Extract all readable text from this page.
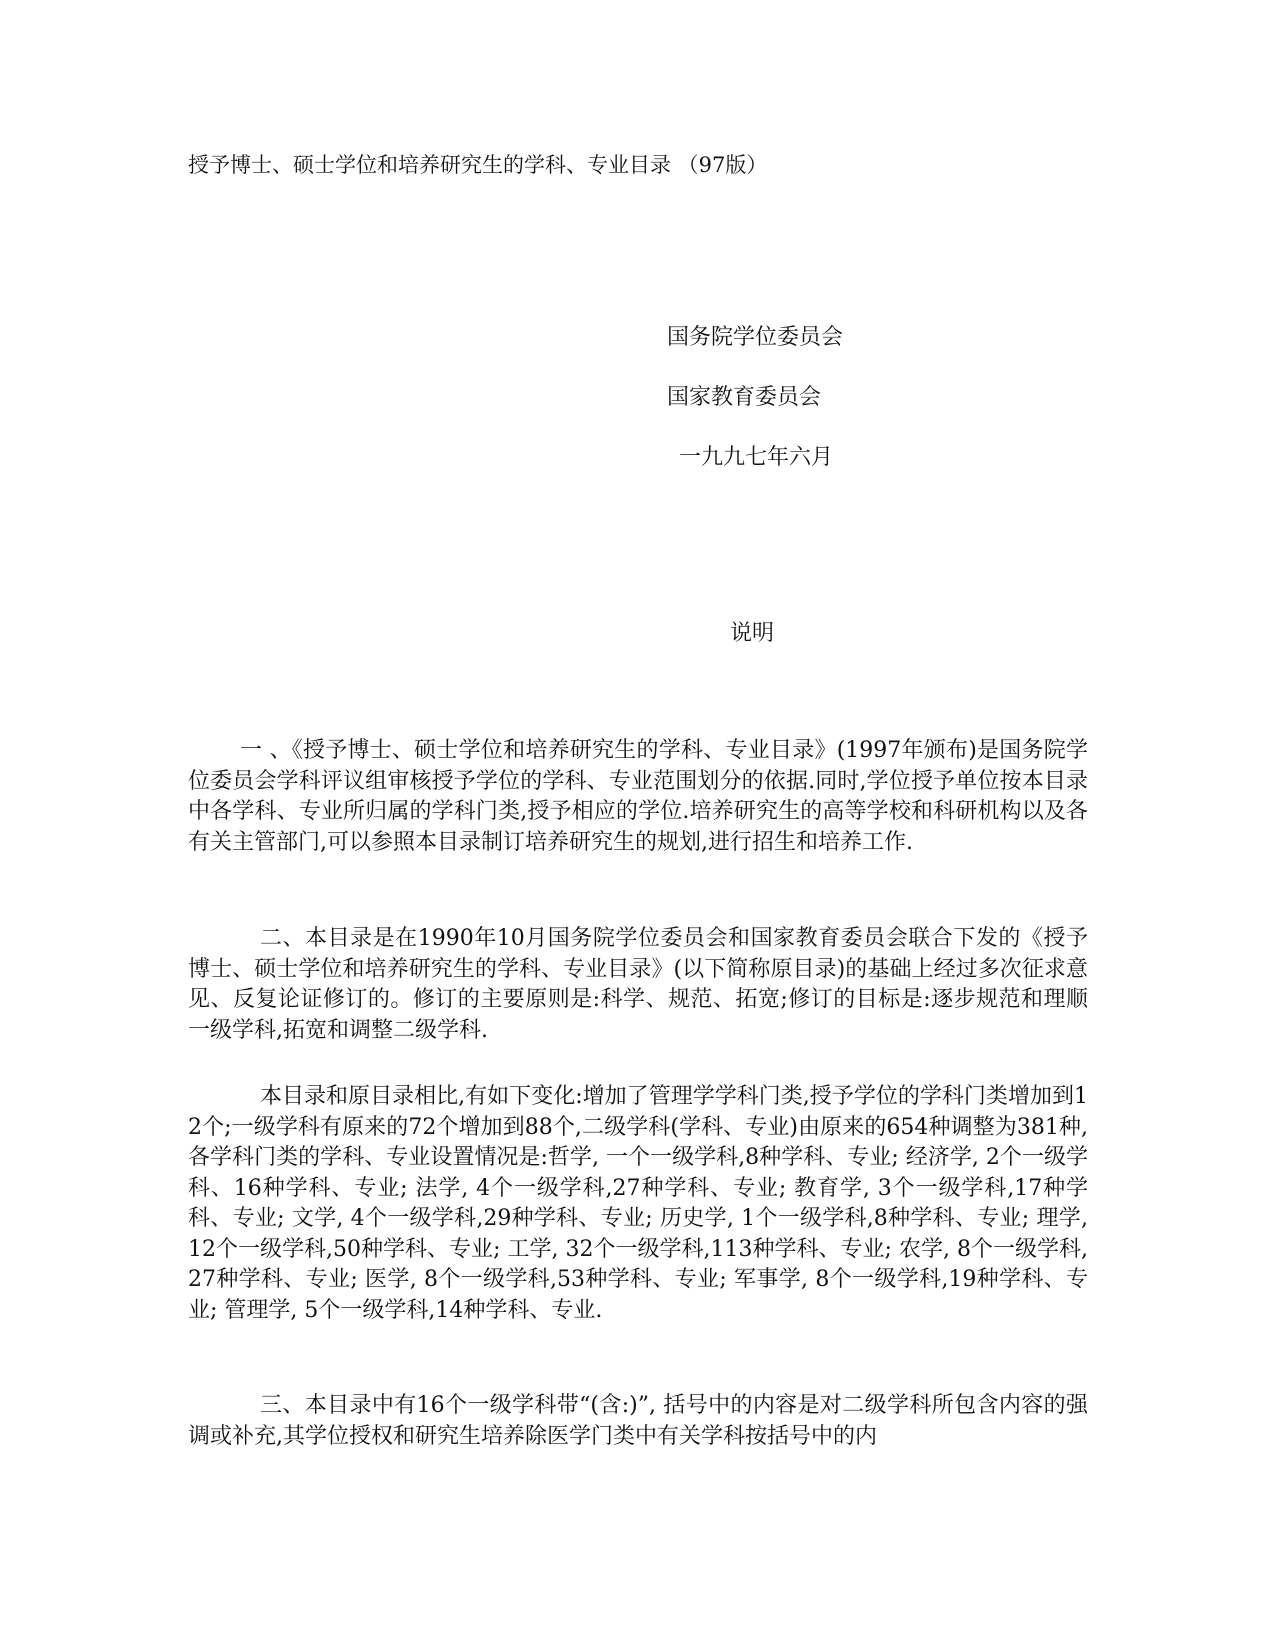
授予博士、硕士学位和培养研究生的学科、专业目录 （97版）
国务院学位委员会
国家教育委员会
一九九七年六月
说明

一 、《授予博士、硕士学位和培养研究生的学科、专业目录》(1997年颁布)是国务院学位委员会学科评议组审核授予学位的学科、专业范围划分的依据.同时,学位授予单位按本目录中各学科、专业所归属的学科门类,授予相应的学位.培养研究生的高等学校和科研机构以及各有关主管部门,可以参照本目录制订培养研究生的规划,进行招生和培养工作.

二、本目录是在1990年10月国务院学位委员会和国家教育委员会联合下发的《授予博士、硕士学位和培养研究生的学科、专业目录》(以下简称原目录)的基础上经过多次征求意见、反复论证修订的。修订的主要原则是:科学、规范、拓宽;修订的目标是:逐步规范和理顺一级学科,拓宽和调整二级学科.

本目录和原目录相比,有如下变化:增加了管理学学科门类,授予学位的学科门类增加到12个;一级学科有原来的72个增加到88个,二级学科(学科、专业)由原来的654种调整为381种,各学科门类的学科、专业设置情况是:哲学, 一个一级学科,8种学科、专业; 经济学, 2个一级学科、16种学科、专业; 法学, 4个一级学科,27种学科、专业; 教育学, 3个一级学科,17种学科、专业; 文学, 4个一级学科,29种学科、专业; 历史学, 1个一级学科,8种学科、专业; 理学, 12个一级学科,50种学科、专业; 工学, 32个一级学科,113种学科、专业; 农学, 8个一级学科,27种学科、专业; 医学, 8个一级学科,53种学科、专业; 军事学, 8个一级学科,19种学科、专业; 管理学, 5个一级学科,14种学科、专业.

三、本目录中有16个一级学科带“(含:)”, 括号中的内容是对二级学科所包含内容的强调或补充,其学位授权和研究生培养除医学门类中有关学科按括号中的内
